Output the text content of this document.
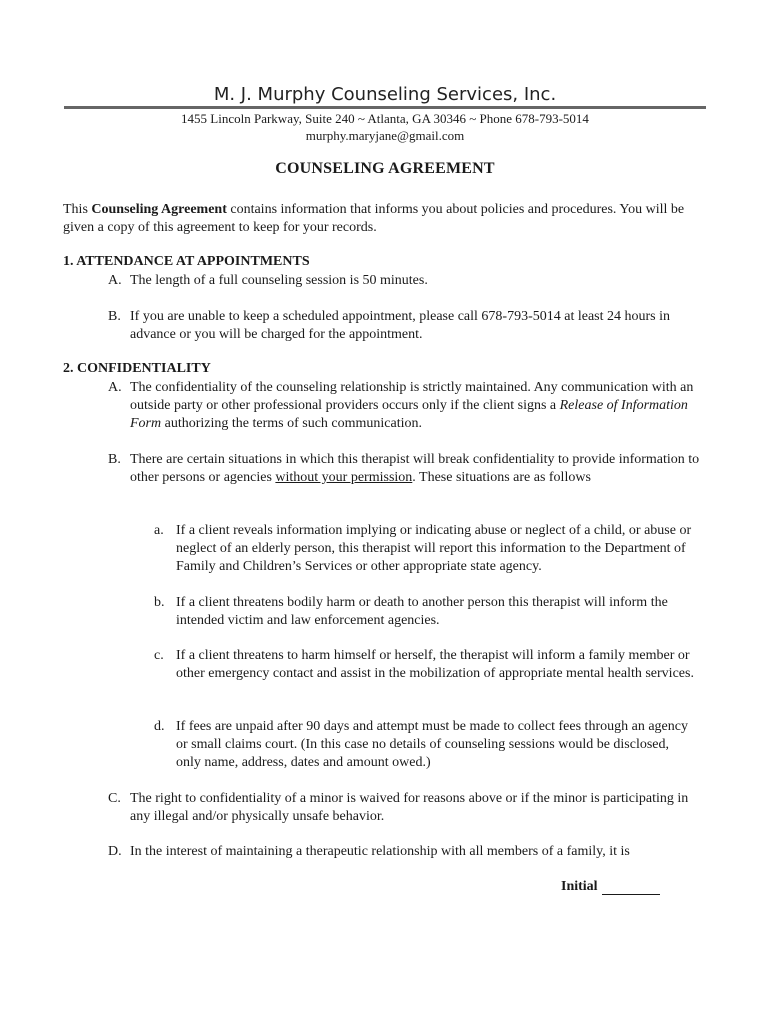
M. J. Murphy Counseling Services, Inc.
1455 Lincoln Parkway, Suite 240 ~ Atlanta, GA 30346 ~ Phone 678-793-5014
murphy.maryjane@gmail.com
COUNSELING AGREEMENT

This Counseling Agreement contains information that informs you about policies and procedures. You will be given a copy of this agreement to keep for your records.

1. ATTENDANCE AT APPOINTMENTS
A. The length of a full counseling session is 50 minutes.
B. If you are unable to keep a scheduled appointment, please call 678-793-5014 at least 24 hours in advance or you will be charged for the appointment.
2. CONFIDENTIALITY
A. The confidentiality of the counseling relationship is strictly maintained. Any communication with an outside party or other professional providers occurs only if the client signs a Release of Information Form authorizing the terms of such communication.
B. There are certain situations in which this therapist will break confidentiality to provide information to other persons or agencies without your permission. These situations are as follows
a. If a client reveals information implying or indicating abuse or neglect of a child, or abuse or neglect of an elderly person, this therapist will report this information to the Department of Family and Children’s Services or other appropriate state agency.
b. If a client threatens bodily harm or death to another person this therapist will inform the intended victim and law enforcement agencies.
c. If a client threatens to harm himself or herself, the therapist will inform a family member or other emergency contact and assist in the mobilization of appropriate mental health services.
d. If fees are unpaid after 90 days and attempt must be made to collect fees through an agency or small claims court. (In this case no details of counseling sessions would be disclosed, only name, address, dates and amount owed.)
C. The right to confidentiality of a minor is waived for reasons above or if the minor is participating in any illegal and/or physically unsafe behavior.
D. In the interest of maintaining a therapeutic relationship with all members of a family, it is
Initial
